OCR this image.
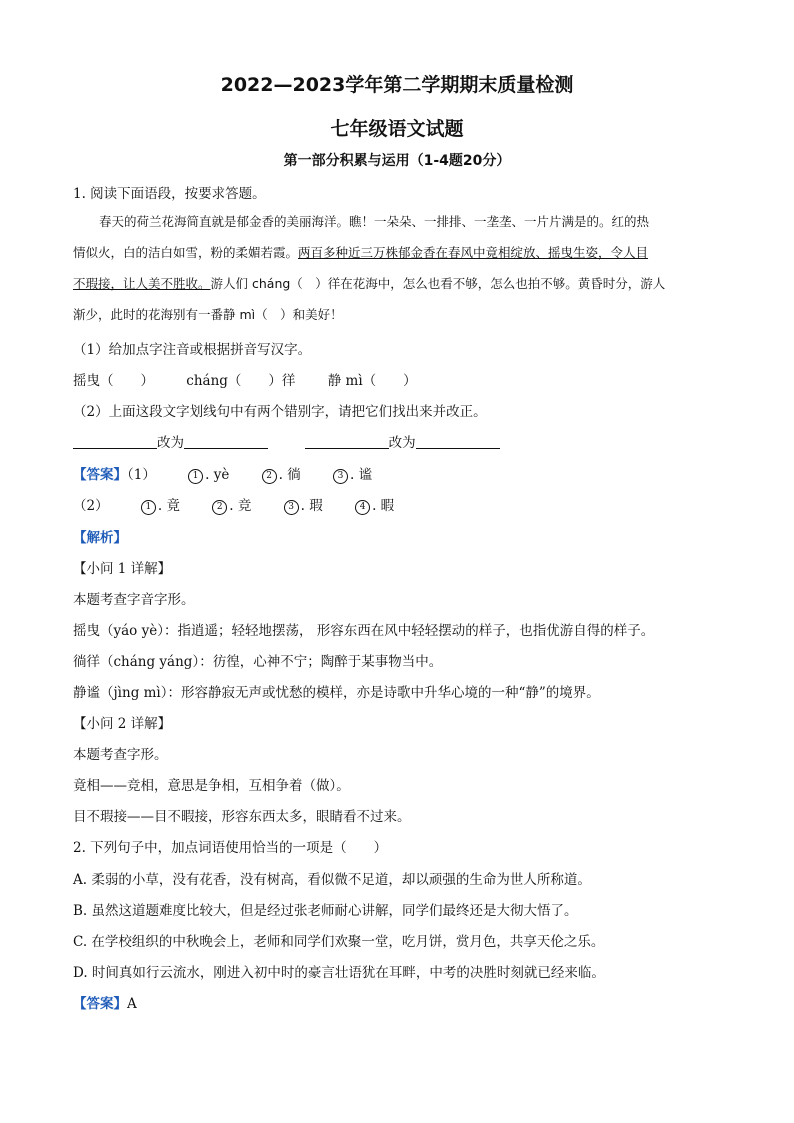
2022—2023学年第二学期期末质量检测
七年级语文试题
第一部分积累与运用（1-4题20分）
1. 阅读下面语段，按要求答题。

春天的荷兰花海简直就是郁金香的美丽海洋。瞧！一朵朵、一排排、一垄垄、一片片满是的。红的热

情似火，白的洁白如雪，粉的柔媚若霞。两百多种近三万株郁金香在春风中竟相绽放、摇曳生姿，令人目

不瑕接，让人美不胜收。游人们 cháng（　）徉在花海中，怎么也看不够，怎么也拍不够。黄昏时分，游人

渐少，此时的花海别有一番静 mì（　）和美好！

（1）给加点字注音或根据拼音写汉字。
摇曳（　　） cháng（　　）徉 静 mì（　　）
（2）上面这段文字划线句中有两个错别字，请把它们找出来并改正。
改为	改为
【答案】（1）	1 . yè	2 . 徜	3 . 谧
（2）	1 . 竟	2 . 竞	3 . 瑕	4 . 暇
【解析】
【小问 1 详解】
本题考查字音字形。
摇曳（yáo yè）：指逍遥；轻轻地摆荡， 形容东西在风中轻轻摆动的样子，也指优游自得的样子。
徜徉（cháng yáng）：彷徨，心神不宁；陶醉于某事物当中。
静谧（jìng mì）：形容静寂无声或忧愁的模样，亦是诗歌中升华心境的一种“静”的境界。
【小问 2 详解】
本题考查字形。
竟相——竞相，意思是争相，互相争着（做）。
目不瑕接——目不暇接，形容东西太多，眼睛看不过来。
2. 下列句子中，加点词语使用恰当的一项是（　　）
A. 柔弱的小草，没有花香，没有树高，看似微不足道，却以顽强的生命为世人所称道。
B. 虽然这道题难度比较大，但是经过张老师耐心讲解，同学们最终还是大彻大悟了。
C. 在学校组织的中秋晚会上，老师和同学们欢聚一堂，吃月饼，赏月色，共享天伦之乐。
D. 时间真如行云流水，刚进入初中时的豪言壮语犹在耳畔，中考的决胜时刻就已经来临。
【答案】A
